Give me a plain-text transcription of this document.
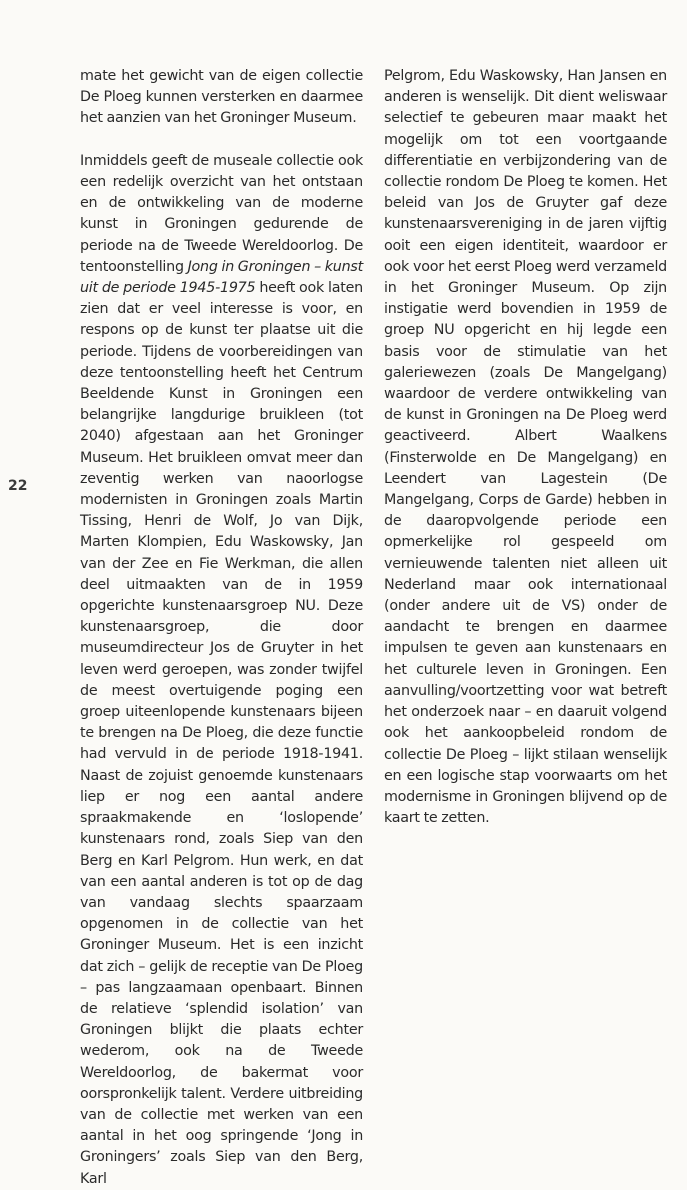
22

mate het gewicht van de eigen collectie De Ploeg kunnen versterken en daarmee het aanzien van het Groninger Museum.

Inmiddels geeft de museale collectie ook een redelijk overzicht van het ontstaan en de ontwikkeling van de moderne kunst in Groningen gedurende de periode na de Tweede Wereldoorlog. De tentoonstelling Jong in Groningen – kunst uit de periode 1945-1975 heeft ook laten zien dat er veel interesse is voor, en respons op de kunst ter plaatse uit die periode. Tijdens de voorbereidingen van deze tentoonstelling heeft het Centrum Beeldende Kunst in Groningen een belangrijke langdurige bruikleen (tot 2040) afgestaan aan het Groninger Museum. Het bruikleen omvat meer dan zeventig werken van naoorlogse modernisten in Groningen zoals Martin Tissing, Henri de Wolf, Jo van Dijk, Marten Klompien, Edu Waskowsky, Jan van der Zee en Fie Werkman, die allen deel uitmaakten van de in 1959 opgerichte kunstenaarsgroep NU. Deze kunstenaarsgroep, die door museumdirecteur Jos de Gruyter in het leven werd geroepen, was zonder twijfel de meest overtuigende poging een groep uiteenlopende kunstenaars bijeen te brengen na De Ploeg, die deze functie had vervuld in de periode 1918-1941. Naast de zojuist genoemde kunstenaars liep er nog een aantal andere spraakmakende en ‘loslopende’ kunstenaars rond, zoals Siep van den Berg en Karl Pelgrom. Hun werk, en dat van een aantal anderen is tot op de dag van vandaag slechts spaarzaam opgenomen in de collectie van het Groninger Museum. Het is een inzicht dat zich – gelijk de receptie van De Ploeg – pas langzaamaan openbaart. Binnen de relatieve ‘splendid isolation’ van Groningen blijkt die plaats echter wederom, ook na de Tweede Wereldoorlog, de bakermat voor oorspronkelijk talent. Verdere uitbreiding van de collectie met werken van een aantal in het oog springende ‘Jong in Groningers’ zoals Siep van den Berg, Karl

Pelgrom, Edu Waskowsky, Han Jansen en anderen is wenselijk. Dit dient weliswaar selectief te gebeuren maar maakt het mogelijk om tot een voortgaande differentiatie en verbijzondering van de collectie rondom De Ploeg te komen. Het beleid van Jos de Gruyter gaf deze kunstenaarsvereniging in de jaren vijftig ooit een eigen identiteit, waardoor er ook voor het eerst Ploeg werd verzameld in het Groninger Museum. Op zijn instigatie werd bovendien in 1959 de groep NU opgericht en hij legde een basis voor de stimulatie van het galeriewezen (zoals De Mangelgang) waardoor de verdere ontwikkeling van de kunst in Groningen na De Ploeg werd geactiveerd. Albert Waalkens (Finsterwolde en De Mangelgang) en Leendert van Lagestein (De Mangelgang, Corps de Garde) hebben in de daaropvolgende periode een opmerkelijke rol gespeeld om vernieuwende talenten niet alleen uit Nederland maar ook internationaal (onder andere uit de VS) onder de aandacht te brengen en daarmee impulsen te geven aan kunstenaars en het culturele leven in Groningen. Een aanvulling/voortzetting voor wat betreft het onderzoek naar – en daaruit volgend ook het aankoopbeleid rondom de collectie De Ploeg – lijkt stilaan wenselijk en een logische stap voorwaarts om het modernisme in Groningen blijvend op de kaart te zetten.
